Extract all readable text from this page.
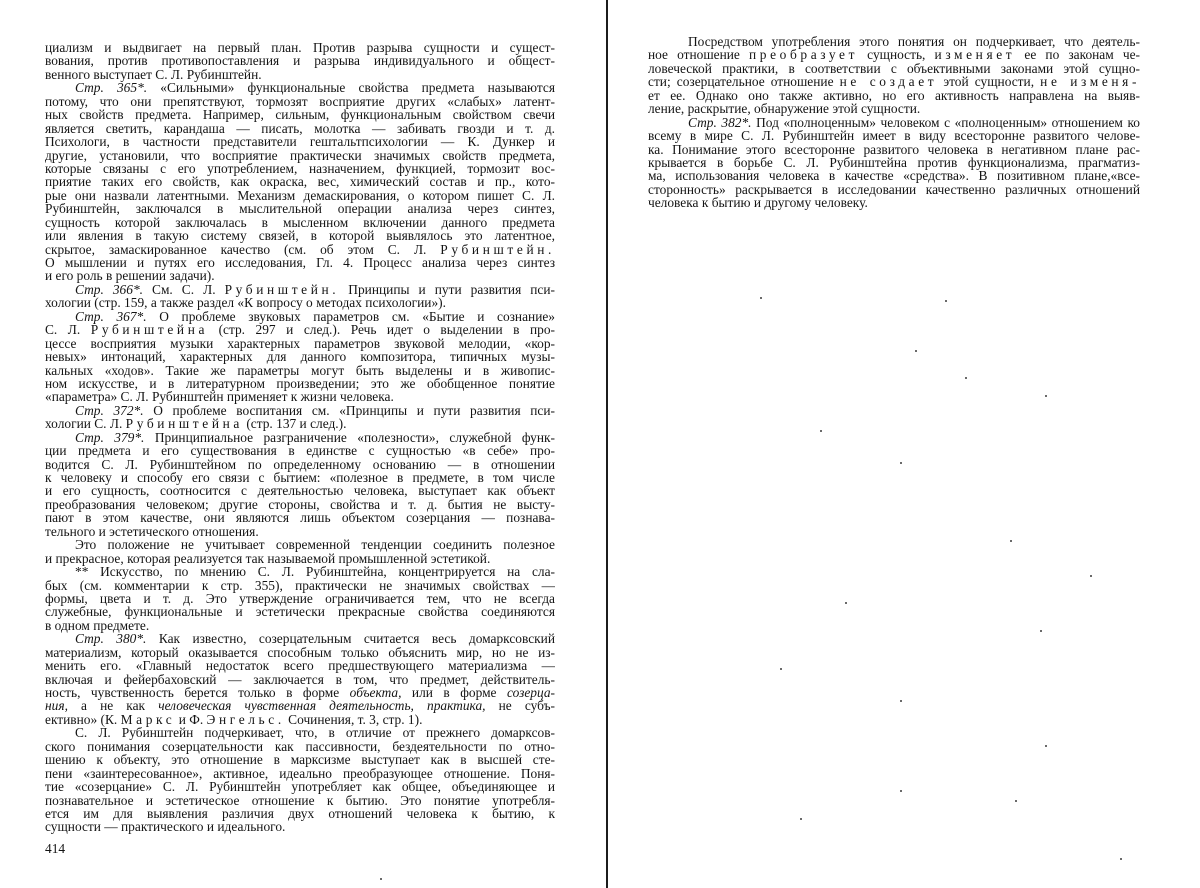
циализм и выдвигает на первый план. Против разрыва сущности и сущест-
вования, против противопоставления и разрыва индивидуального и общест-
венного выступает С. Л. Рубинштейн.
Стр. 365*. «Сильными» функциональные свойства предмета называются
потому, что они препятствуют, тормозят восприятие других «слабых» латент-
ных свойств предмета. Например, сильным, функциональным свойством свечи
является светить, карандаша — писать, молотка — забивать гвозди и т. д.
Психологи, в частности представители гештальтпсихологии — К. Дункер и
другие, установили, что восприятие практически значимых свойств предмета,
которые связаны с его употреблением, назначением, функцией, тормозит вос-
приятие таких его свойств, как окраска, вес, химический состав и пр., кото-
рые они назвали латентными. Механизм демаскирования, о котором пишет С. Л.
Рубинштейн, заключался в мыслительной операции анализа через синтез,
сущность которой заключалась в мысленном включении данного предмета
или явления в такую систему связей, в которой выявлялось это латентное,
скрытое, замаскированное качество (см. об этом С. Л. Рубинштейн.
О мышлении и путях его исследования, Гл. 4. Процесс анализа через синтез
и его роль в решении задачи).
Стр. 366*. См. С. Л. Рубинштейн. Принципы и пути развития пси-
хологии (стр. 159, а также раздел «К вопросу о методах психологии»).
Стр. 367*. О проблеме звуковых параметров см. «Бытие и сознание»
С. Л. Рубинштейна (стр. 297 и след.). Речь идет о выделении в про-
цессе восприятия музыки характерных параметров звуковой мелодии, «кор-
невых» интонаций, характерных для данного композитора, типичных музы-
кальных «ходов». Такие же параметры могут быть выделены и в живопис-
ном искусстве, и в литературном произведении; это же обобщенное понятие
«параметра» С. Л. Рубинштейн применяет к жизни человека.
Стр. 372*. О проблеме воспитания см. «Принципы и пути развития пси-
хологии С. Л. Рубинштейна (стр. 137 и след.).
Стр. 379*. Принципиальное разграничение «полезности», служебной функ-
ции предмета и его существования в единстве с сущностью «в себе» про-
водится С. Л. Рубинштейном по определенному основанию — в отношении
к человеку и способу его связи с бытием: «полезное в предмете, в том числе
и его сущность, соотносится с деятельностью человека, выступает как объект
преобразования человеком; другие стороны, свойства и т. д. бытия не высту-
пают в этом качестве, они являются лишь объектом созерцания — познава-
тельного и эстетического отношения.
Это положение не учитывает современной тенденции соединить полезное
и прекрасное, которая реализуется так называемой промышленной эстетикой.
** Искусство, по мнению С. Л. Рубинштейна, концентрируется на сла-
бых (см. комментарии к стр. 355), практически не значимых свойствах —
формы, цвета и т. д. Это утверждение ограничивается тем, что не всегда
служебные, функциональные и эстетически прекрасные свойства соединяются
в одном предмете.
Стр. 380*. Как известно, созерцательным считается весь домарксовский
материализм, который оказывается способным только объяснить мир, но не из-
менить его. «Главный недостаток всего предшествующего материализма —
включая и фейербаховский — заключается в том, что предмет, действитель-
ность, чувственность берется только в форме объекта, или в форме созерца-
ния, а не как человеческая чувственная деятельность, практика, не субъ-
ективно» (К. Маркс и Ф. Энгельс. Сочинения, т. 3, стр. 1).
С. Л. Рубинштейн подчеркивает, что, в отличие от прежнего домарксов-
ского понимания созерцательности как пассивности, бездеятельности по отно-
шению к объекту, это отношение в марксизме выступает как в высшей сте-
пени «заинтересованное», активное, идеально преобразующее отношение. Поня-
тие «созерцание» С. Л. Рубинштейн употребляет как общее, объединяющее и
познавательное и эстетическое отношение к бытию. Это понятие употребля-
ется им для выявления различия двух отношений человека к бытию, к
сущности — практического и идеального.
414
Посредством употребления этого понятия он подчеркивает, что деятель-
ное отношение преобразует сущность, изменяет ее по законам че-
ловеческой практики, в соответствии с объективными законами этой сущно-
сти; созерцательное отношение не создает этой сущности, не изменя-
ет ее. Однако оно также активно, но его активность направлена на выяв-
ление, раскрытие, обнаружение этой сущности.
Стр. 382*. Под «полноценным» человеком с «полноценным» отношением ко
всему в мире С. Л. Рубинштейн имеет в виду всесторонне развитого челове-
ка. Понимание этого всесторонне развитого человека в негативном плане рас-
крывается в борьбе С. Л. Рубинштейна против функционализма, прагматиз-
ма, использования человека в качестве «средства». В позитивном плане,«все-
сторонность» раскрывается в исследовании качественно различных отношений
человека к бытию и другому человеку.
